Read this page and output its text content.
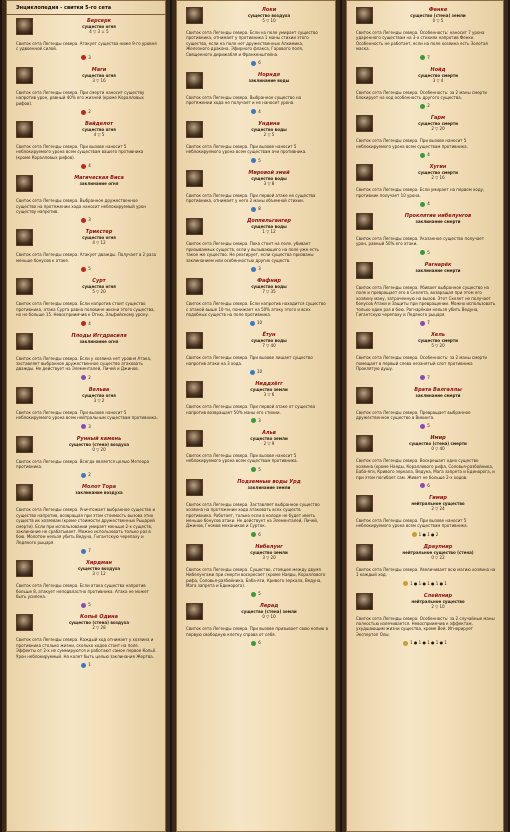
Энциклопедия - свитки 5-го сета
Берсерк
существо огня
4 ▽ 3 ⚔ 5
Свиток сета Легенды севера. Атакует существа ниже 9-го уровня с удвоенной силой.
3
Маги
существо огня
3 ▽ 16
Свиток сета Легенды севера. При смерти наносит существу напротив урон, равный 40% его жизней (кроме Коралловых рифов).
2
Вайделот
существо огня
4 ▽ 5
Свиток сета Легенды севера. При вызове наносит 5 неблокируемого урона всем существам вашего противника (кроме Коралловых рифов).
4
Магическая Виса
заклинание огня
Свиток сета Легенды севера. Выбранное дружественное существо на протяжении хода наносит неблокируемый урон существу напротив.
3
Трикстер
существо огня
4 ▽ 12
Свиток сета Легенды севера. Атакует дважды. Получает в 2 раза меньше бонусов к атаке.
5
Сурт
существо огня
5 ▽ 20
Свиток сета Легенды севера. Если напротив стоит существо противника, атака Сурта равна половине жизни этого существа, но не больше 15. Невосприимчив к Огню, Эльфийскому урону.
4
Плоды Иггдрасиля
заклинание огня
Свиток сета Легенды севера. Если у хозяина нет уровня Атака, заставляет выбранное дружественное существо атаковать дважды. Не действует на Элементалей, Личей и Джинов.
2
Вельва
существо огня
3 ▽ 2
Свиток сета Легенды севера. При вызове наносит 5 неблокируемого урона всем нейтральным существам противника.
3
Рунный камень
существо (стена) воздуха
0 ▽ 20
Свиток сета Легенды севера. Всегда является целью Метеора противника.
2
Молот Тора
заклинание воздуха
Свиток сета Легенды севера. Уничтожает выбранное существо и существо напротив, возвращая при этом стоимость вызова этих существ их хозяевам (кроме стоимости дружественных Рыцарей смерти). Если при использовании умирает меньше 2-х существ, заклинание не срабатывает. Можно использовать только раз в бою. Молотом нельзя убить Ведуна, Гигантскую черепаху и Ледяного рыцаря.
7
Хирдман
существо воздуха
3 ▽ 12
Свиток сета Легенды севера. Если атака существа напротив больше 8, атакует неподвластно противника. Атака не может быть усилена.
5
Копьё Одина
существо (стена) воздуха
2 ▽ 28
Свиток сета Легенды севера. Каждый ход отнимает у хозяина и противника столько жизни, сколько ходов стоит на поле. Эффекты от 2-х не суммируются и работают самое первое Копьё. Урон неблокируемый. На колет быть целью заклинания Жертва.
1
Локи
существо воздуха
5 ▽ 10
Свиток сета Легенды севера. Если на поле умирает существо противника, отнимает у противника 1 маны стихии этого существа, если на поле нет дружественных Алхимика, Железного дракона, Эфирного флакса, Гарового поля, Священного дирижабля и Франкенштейна.
6
Норндя
заклинание воды
Свиток сета Легенды севера. Выбранное существо на протяжении хода не получает и не наносит урона.
4
Ундина
существо воды
2 ▽ 5
Свиток сета Легенды севера. При вызове наносит 5 неблокируемого урона всем существам ачи противника.
5
Мировой змей
существо воды
3 ▽ 8
Свиток сета Легенды севера. При первой атаке не существа противника, отнимает у него 2 маны объемной стихии.
8
Доппельгангер
существо воды
1 ▽ 12
Свиток сета Легенды севера. Пока стоит на поле, убивает призываемых существ, если у вызывающего на поле уже есть такое же существо. Не реагирует, если существа призваны заклинанием или особенностью других существ.
3
Фафнир
существо воды
7 ▽ 35
Свиток сета Легенды севера. Если напротив находится существо с атакой выше 10-ти, понижает на 50% атаку этого и всех подобных существ на поле противника.
10
Ётун
существо воды
7 ▽ 40
Свиток сета Легенды севера. При вызове лишает существо напротив атаки на 3 хода.
10
Ниддхёгг
существо земли
3 ▽ 6
Свиток сета Легенды севера. При первой атаке от существа напротив возвращает 50% маны его стихии.
3
Альв
существо земли
2 ▽ 9
Свиток сета Легенды севера. При вызове наносит 5 неблокируемого урона всем существам противника.
5
Подземные воды Урд
заклинание земли
Свиток сета Легенды севера. Заставляет выбранное существо хозяина на протяжении хода атаковать всех существ противника. Работает, только если в колоде не будет иметь меньше бонусов атаки. Не действует на Элементалей, Личей, Джинов, Гномов механиков и Сурток.
6
Нибелунг
существо земли
3 ▽ 20
Свиток сета Легенды севера. Существо, стоящее между двумя Нибелунгами при смерти воскресает (кроме Наяды, Кораллового рифа, Соловья-разбойника, Баба-яги, Кривого зеркала, Ведуна, Мага запрета и Единорога).
5
Лерад
существо (стена) земли
0 ▽ 10
Свиток сета Легенды севера. При вызове призывает свою копию в первую свободную клетку справа от себя.
6
Фенке
существо (стена) земли
0 ▽ 5
Свиток сета Легенды севера. Особенность: наносит 7 урона ударенного существам на 3-х стихиях напротив Фенке. Особенность не работает, если на поле хозяина есть Золотая маска.
7
Нойд
существо смерти
3 ▽ 4
Свиток сета Легенды севера. Особенность: за 2 маны смерти блокирует на ход особенность другого существа.
2
Гарм
существо смерти
2 ▽ 20
Свиток сета Легенды севера. При вызове наносит 5 неблокируемого урона всем существам противника.
4
Хугин
существо смерти
2 ▽ 16
Свиток сета Легенды севера. Если умирает на первом ходу, противник получает 10 урона.
4
Проклятие нибелунгов
заклинание смерти
Свиток сета Легенды севера. Указанное существо получает урон, равный 50% его атаки.
5
Рагнарёк
заклинание смерти
Свиток сета Легенды севера. Убивает выбранное существо на поле и превращает его в Скелета, возвращая при этом его хозяину ману, затраченную на вызов. Этот Скелет не получает бонусов Атаки и Защиты при превращении. Можно использовать только один раз в бою. Рагнарёком нельзя убить Ведуна, Гигантскую черепаху и Ледяного рыцаря.
7
Хель
существо смерти
5 ▽ 20
Свиток сета Легенды севера. Особенность: за 2 маны смерти помещает в первый слева незанятый слот противника Проклятую душу.
7
Врата Валгаллы
заклинание смерти
Свиток сета Легенды севера. Превращает выбранное дружественное существо в Викинга.
5
Имир
существо (стена) смерти
0 ▽ 40
Свиток сета Легенды севера. Воскрешает одно существо хозяина (кроме Наяды, Кораллового рифа, Соловья-разбойника, Баба-яги, Кривого зеркала, Ведуна, Мага запрета и Единорога, и при этом погибает сам. Живет не больше 2-х ходов.
6
Гимир
нейтральное существо
2 ▽ 24
Свиток сета Легенды севера. При вызове наносит 5 неблокируемого урона всем существам противника.
1 ● 1 ● 2
Драупнир
нейтральное существо (стена)
0 ▽ 22
Свиток сета Легенды севера. Увеличивает всю магию хозяина на 1 каждый ход.
1 ● 1 ● 1 ● 1 ● 1
Слейпнир
нейтральное существо
2 ▽ 10
Свиток сета Легенды севера. Особенность: за 2 случайные маны полностью излечивается. Невосприимчив к эффектам, ухудшающим жизни существа, кроме Вей. Игнорирует Экспертоп Олы.
1 ● 1 ● 1 ● 1 ● 1
